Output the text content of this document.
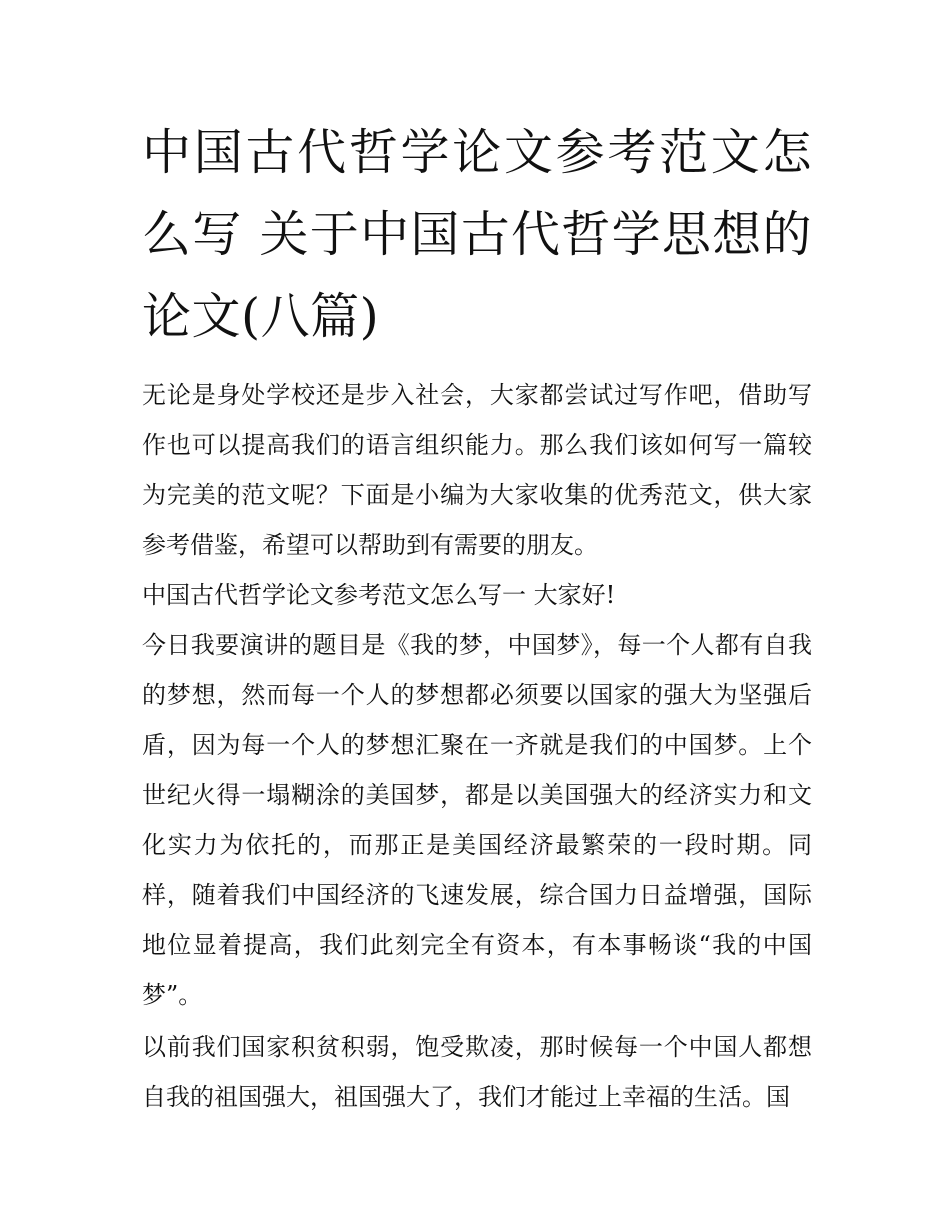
中国古代哲学论文参考范文怎么写 关于中国古代哲学思想的论文(八篇)

无论是身处学校还是步入社会，大家都尝试过写作吧，借助写作也可以提高我们的语言组织能力。那么我们该如何写一篇较为完美的范文呢？下面是小编为大家收集的优秀范文，供大家参考借鉴，希望可以帮助到有需要的朋友。

中国古代哲学论文参考范文怎么写一 大家好!

今日我要演讲的题目是《我的梦，中国梦》，每一个人都有自我的梦想，然而每一个人的梦想都必须要以国家的强大为坚强后盾，因为每一个人的梦想汇聚在一齐就是我们的中国梦。上个世纪火得一塌糊涂的美国梦，都是以美国强大的经济实力和文化实力为依托的，而那正是美国经济最繁荣的一段时期。同样，随着我们中国经济的飞速发展，综合国力日益增强，国际地位显着提高，我们此刻完全有资本，有本事畅谈“我的中国梦”。

以前我们国家积贫积弱，饱受欺凌，那时候每一个中国人都想自我的祖国强大，祖国强大了，我们才能过上幸福的生活。国
